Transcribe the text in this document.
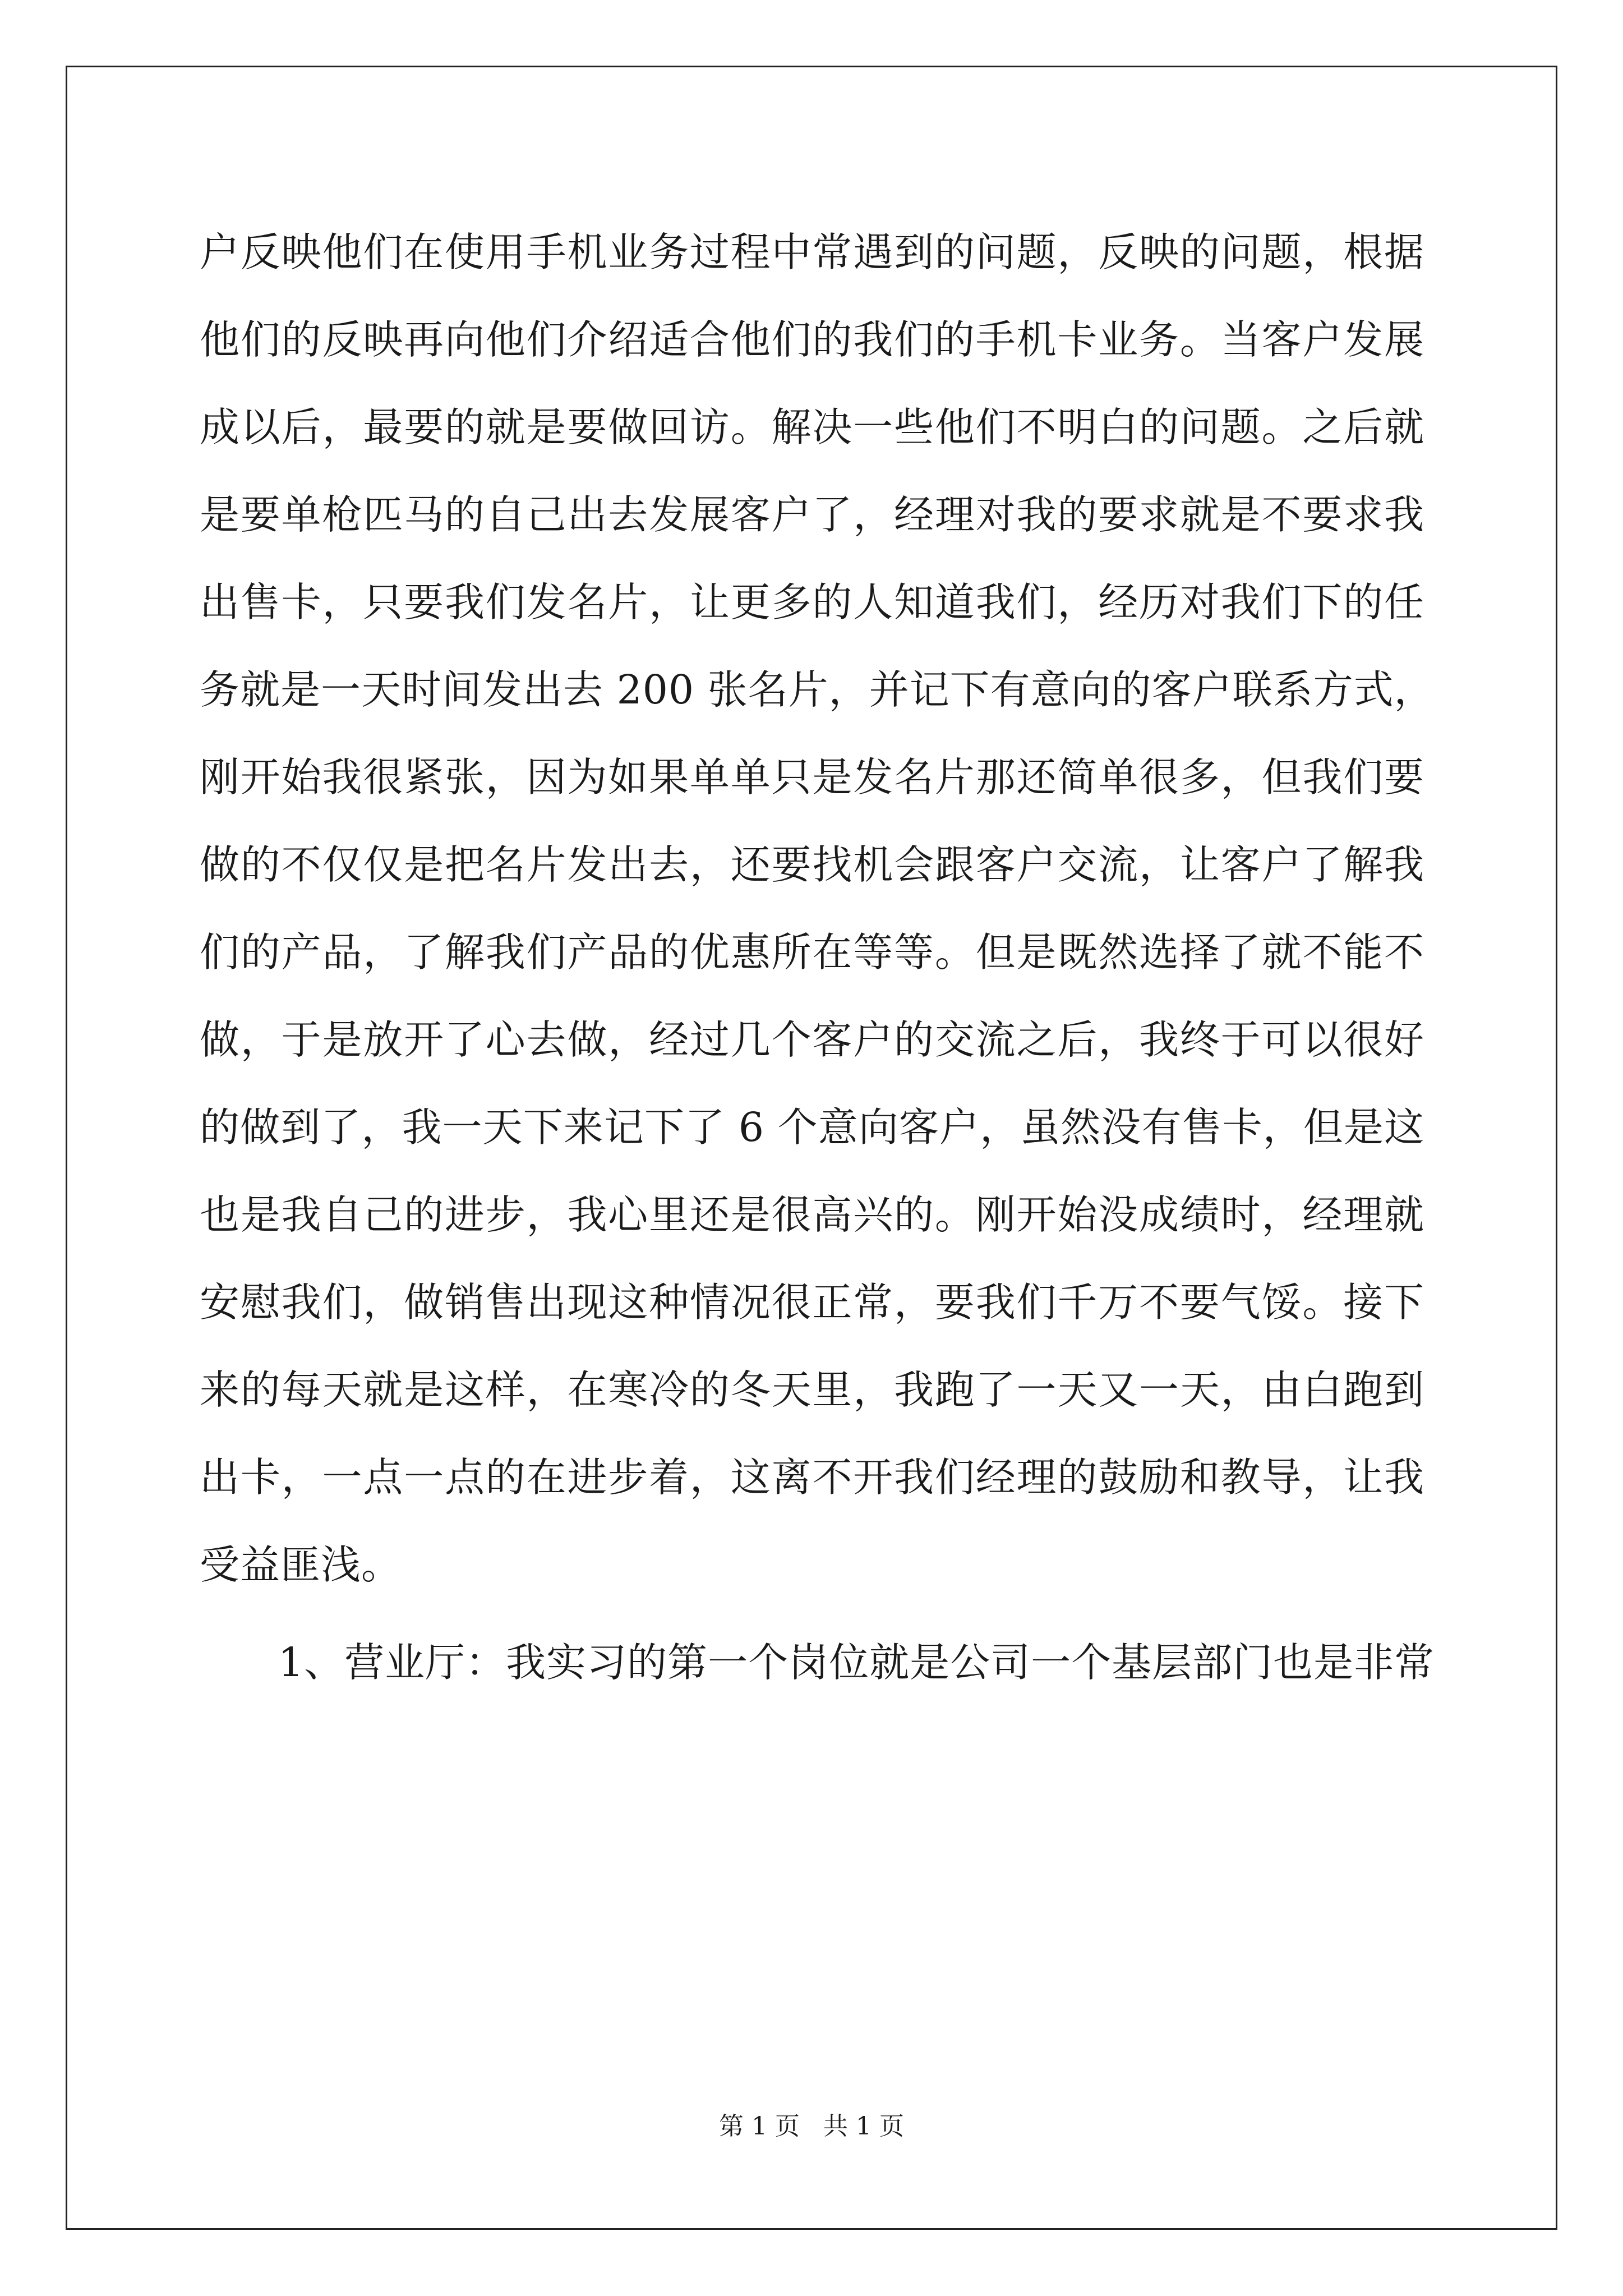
户反映他们在使用手机业务过程中常遇到的问题，反映的问题，根据
他们的反映再向他们介绍适合他们的我们的手机卡业务。当客户发展
成以后，最要的就是要做回访。解决一些他们不明白的问题。之后就
是要单枪匹马的自己出去发展客户了，经理对我的要求就是不要求我
出售卡，只要我们发名片，让更多的人知道我们，经历对我们下的任
务就是一天时间发出去 200 张名片，并记下有意向的客户联系方式，
刚开始我很紧张，因为如果单单只是发名片那还简单很多，但我们要
做的不仅仅是把名片发出去，还要找机会跟客户交流，让客户了解我
们的产品，了解我们产品的优惠所在等等。但是既然选择了就不能不
做，于是放开了心去做，经过几个客户的交流之后，我终于可以很好
的做到了，我一天下来记下了 6 个意向客户，虽然没有售卡，但是这
也是我自己的进步，我心里还是很高兴的。刚开始没成绩时，经理就
安慰我们，做销售出现这种情况很正常，要我们千万不要气馁。接下
来的每天就是这样，在寒冷的冬天里，我跑了一天又一天，由白跑到
出卡，一点一点的在进步着，这离不开我们经理的鼓励和教导，让我
受益匪浅。
1、营业厅：我实习的第一个岗位就是公司一个基层部门也是非常
第 1 页 共 1 页
